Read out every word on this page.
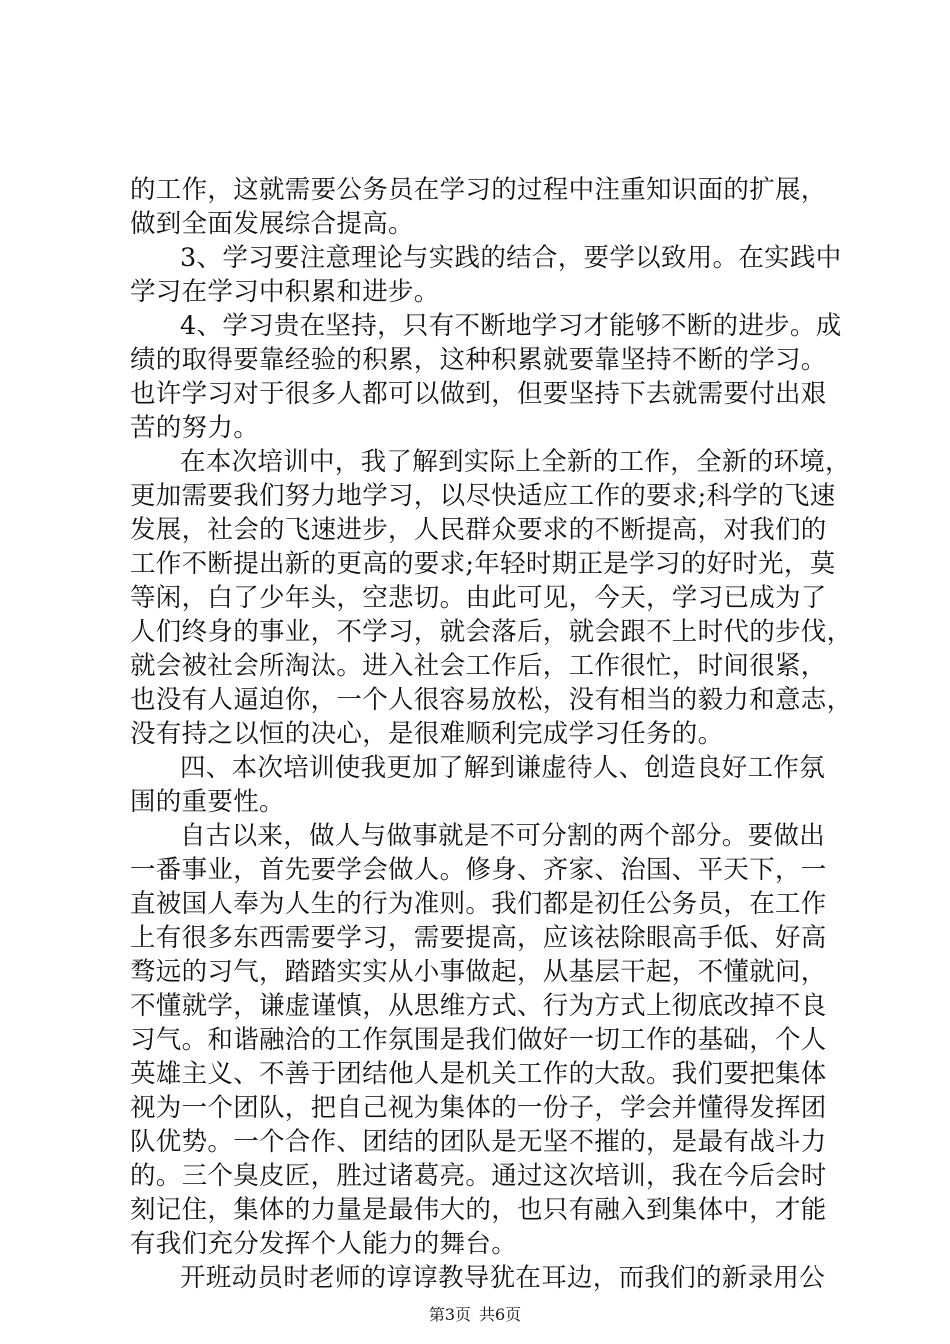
的工作，这就需要公务员在学习的过程中注重知识面的扩展，
做到全面发展综合提高。
3、学习要注意理论与实践的结合，要学以致用。在实践中
学习在学习中积累和进步。
4、学习贵在坚持，只有不断地学习才能够不断的进步。成
绩的取得要靠经验的积累，这种积累就要靠坚持不断的学习。
也许学习对于很多人都可以做到，但要坚持下去就需要付出艰
苦的努力。
在本次培训中，我了解到实际上全新的工作，全新的环境，
更加需要我们努力地学习，以尽快适应工作的要求;科学的飞速
发展，社会的飞速进步，人民群众要求的不断提高，对我们的
工作不断提出新的更高的要求;年轻时期正是学习的好时光，莫
等闲，白了少年头，空悲切。由此可见，今天，学习已成为了
人们终身的事业，不学习，就会落后，就会跟不上时代的步伐，
就会被社会所淘汰。进入社会工作后，工作很忙，时间很紧，
也没有人逼迫你，一个人很容易放松，没有相当的毅力和意志，
没有持之以恒的决心，是很难顺利完成学习任务的。
四、本次培训使我更加了解到谦虚待人、创造良好工作氛
围的重要性。
自古以来，做人与做事就是不可分割的两个部分。要做出
一番事业，首先要学会做人。修身、齐家、治国、平天下，一
直被国人奉为人生的行为准则。我们都是初任公务员，在工作
上有很多东西需要学习，需要提高，应该祛除眼高手低、好高
骛远的习气，踏踏实实从小事做起，从基层干起，不懂就问，
不懂就学，谦虚谨慎，从思维方式、行为方式上彻底改掉不良
习气。和谐融洽的工作氛围是我们做好一切工作的基础，个人
英雄主义、不善于团结他人是机关工作的大敌。我们要把集体
视为一个团队，把自己视为集体的一份子，学会并懂得发挥团
队优势。一个合作、团结的团队是无坚不摧的，是最有战斗力
的。三个臭皮匠，胜过诸葛亮。通过这次培训，我在今后会时
刻记住，集体的力量是最伟大的，也只有融入到集体中，才能
有我们充分发挥个人能力的舞台。
开班动员时老师的谆谆教导犹在耳边，而我们的新录用公
第3页 共6页
